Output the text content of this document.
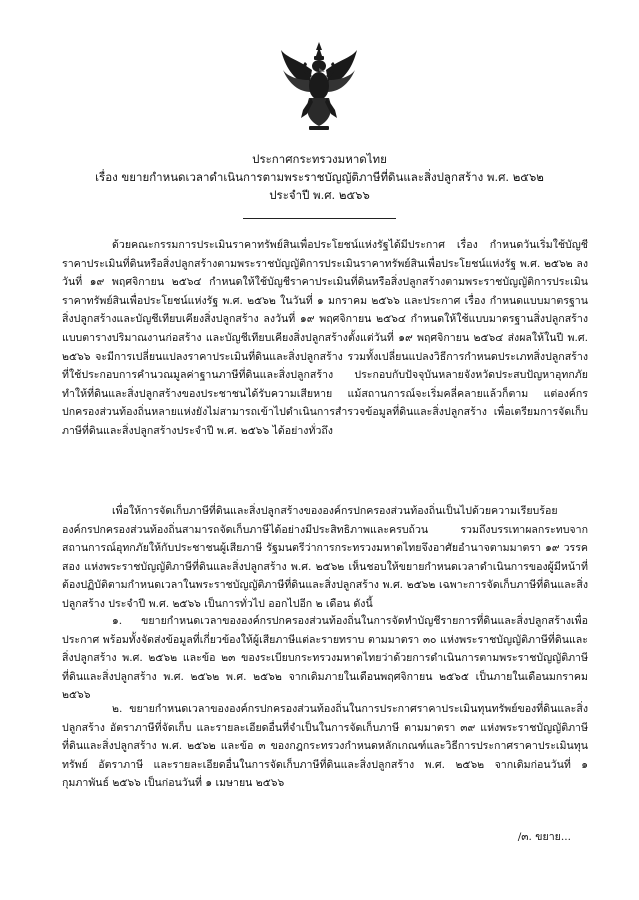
ประกาศกระทรวงมหาดไทย
เรื่อง ขยายกำหนดเวลาดำเนินการตามพระราชบัญญัติภาษีที่ดินและสิ่งปลูกสร้าง พ.ศ. ๒๕๖๒
ประจำปี พ.ศ. ๒๕๖๖
ด้วยคณะกรรมการประเมินราคาทรัพย์สินเพื่อประโยชน์แห่งรัฐได้มีประกาศ เรื่อง กำหนดวันเริ่มใช้บัญชีราคาประเมินที่ดินหรือสิ่งปลูกสร้างตามพระราชบัญญัติการประเมินราคาทรัพย์สินเพื่อประโยชน์แห่งรัฐ พ.ศ. ๒๕๖๒ ลงวันที่ ๑๙ พฤศจิกายน ๒๕๖๔ กำหนดให้ใช้บัญชีราคาประเมินที่ดินหรือสิ่งปลูกสร้างตามพระราชบัญญัติการประเมินราคาทรัพย์สินเพื่อประโยชน์แห่งรัฐ พ.ศ. ๒๕๖๒ ในวันที่ ๑ มกราคม ๒๕๖๖ และประกาศ เรื่อง กำหนดแบบมาตรฐานสิ่งปลูกสร้างและบัญชีเทียบเคียงสิ่งปลูกสร้าง ลงวันที่ ๑๙ พฤศจิกายน ๒๕๖๔ กำหนดให้ใช้แบบมาตรฐานสิ่งปลูกสร้าง แบบตารางปริมาณงานก่อสร้าง และบัญชีเทียบเคียงสิ่งปลูกสร้างตั้งแต่วันที่ ๑๙ พฤศจิกายน ๒๕๖๔ ส่งผลให้ในปี พ.ศ. ๒๕๖๖ จะมีการเปลี่ยนแปลงราคาประเมินที่ดินและสิ่งปลูกสร้าง รวมทั้งเปลี่ยนแปลงวิธีการกำหนดประเภทสิ่งปลูกสร้างที่ใช้ประกอบการคำนวณมูลค่าฐานภาษีที่ดินและสิ่งปลูกสร้าง ประกอบกับปัจจุบันหลายจังหวัดประสบปัญหาอุทกภัย ทำให้ที่ดินและสิ่งปลูกสร้างของประชาชนได้รับความเสียหาย แม้สถานการณ์จะเริ่มคลี่คลายแล้วก็ตาม แต่องค์กรปกครองส่วนท้องถิ่นหลายแห่งยังไม่สามารถเข้าไปดำเนินการสำรวจข้อมูลที่ดินและสิ่งปลูกสร้าง เพื่อเตรียมการจัดเก็บภาษีที่ดินและสิ่งปลูกสร้างประจำปี พ.ศ. ๒๕๖๖ ได้อย่างทั่วถึง
เพื่อให้การจัดเก็บภาษีที่ดินและสิ่งปลูกสร้างขององค์กรปกครองส่วนท้องถิ่นเป็นไปด้วยความเรียบร้อย องค์กรปกครองส่วนท้องถิ่นสามารถจัดเก็บภาษีได้อย่างมีประสิทธิภาพและครบถ้วน รวมถึงบรรเทาผลกระทบจากสถานการณ์อุทกภัยให้กับประชาชนผู้เสียภาษี รัฐมนตรีว่าการกระทรวงมหาดไทยจึงอาศัยอำนาจตามมาตรา ๑๙ วรรคสอง แห่งพระราชบัญญัติภาษีที่ดินและสิ่งปลูกสร้าง พ.ศ. ๒๕๖๒ เห็นชอบให้ขยายกำหนดเวลาดำเนินการของผู้มีหน้าที่ต้องปฏิบัติตามกำหนดเวลาในพระราชบัญญัติภาษีที่ดินและสิ่งปลูกสร้าง พ.ศ. ๒๕๖๒ เฉพาะการจัดเก็บภาษีที่ดินและสิ่งปลูกสร้าง ประจำปี พ.ศ. ๒๕๖๖ เป็นการทั่วไป ออกไปอีก ๒ เดือน ดังนี้
๑. ขยายกำหนดเวลาขององค์กรปกครองส่วนท้องถิ่นในการจัดทำบัญชีรายการที่ดินและสิ่งปลูกสร้างเพื่อประกาศ พร้อมทั้งจัดส่งข้อมูลที่เกี่ยวข้องให้ผู้เสียภาษีแต่ละรายทราบ ตามมาตรา ๓๐ แห่งพระราชบัญญัติภาษีที่ดินและสิ่งปลูกสร้าง พ.ศ. ๒๕๖๒ และข้อ ๒๓ ของระเบียบกระทรวงมหาดไทยว่าด้วยการดำเนินการตามพระราชบัญญัติภาษีที่ดินและสิ่งปลูกสร้าง พ.ศ. ๒๕๖๒ พ.ศ. ๒๕๖๒ จากเดิมภายในเดือนพฤศจิกายน ๒๕๖๕ เป็นภายในเดือนมกราคม ๒๕๖๖
๒. ขยายกำหนดเวลาขององค์กรปกครองส่วนท้องถิ่นในการประกาศราคาประเมินทุนทรัพย์ของที่ดินและสิ่งปลูกสร้าง อัตราภาษีที่จัดเก็บ และรายละเอียดอื่นที่จำเป็นในการจัดเก็บภาษี ตามมาตรา ๓๙ แห่งพระราชบัญญัติภาษีที่ดินและสิ่งปลูกสร้าง พ.ศ. ๒๕๖๒ และข้อ ๓ ของกฎกระทรวงกำหนดหลักเกณฑ์และวิธีการประกาศราคาประเมินทุนทรัพย์ อัตราภาษี และรายละเอียดอื่นในการจัดเก็บภาษีที่ดินและสิ่งปลูกสร้าง พ.ศ. ๒๕๖๒ จากเดิมก่อนวันที่ ๑ กุมภาพันธ์ ๒๕๖๖ เป็นก่อนวันที่ ๑ เมษายน ๒๕๖๖
/๓. ขยาย...
